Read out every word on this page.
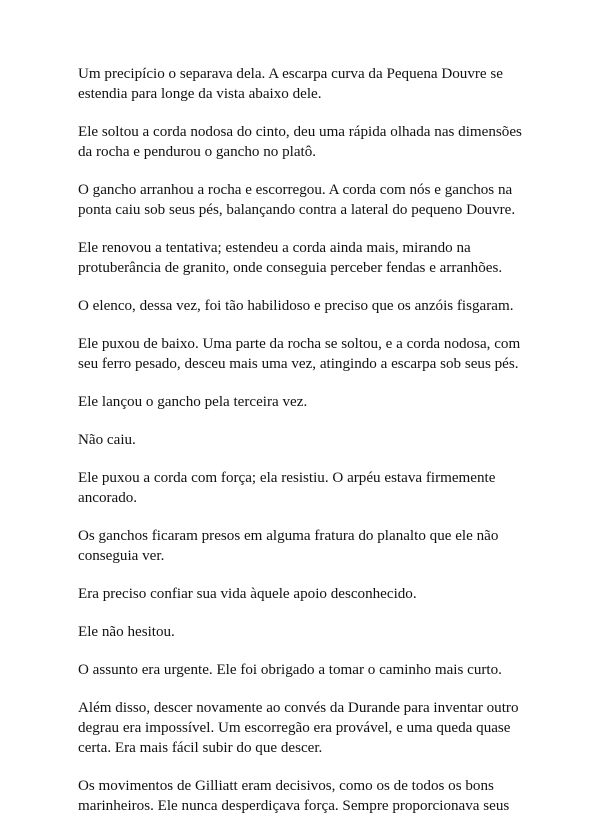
Um precipício o separava dela. A escarpa curva da Pequena Douvre se estendia para longe da vista abaixo dele.

Ele soltou a corda nodosa do cinto, deu uma rápida olhada nas dimensões da rocha e pendurou o gancho no platô.

O gancho arranhou a rocha e escorregou. A corda com nós e ganchos na ponta caiu sob seus pés, balançando contra a lateral do pequeno Douvre.

Ele renovou a tentativa; estendeu a corda ainda mais, mirando na protuberância de granito, onde conseguia perceber fendas e arranhões.

O elenco, dessa vez, foi tão habilidoso e preciso que os anzóis fisgaram.

Ele puxou de baixo. Uma parte da rocha se soltou, e a corda nodosa, com seu ferro pesado, desceu mais uma vez, atingindo a escarpa sob seus pés.

Ele lançou o gancho pela terceira vez.

Não caiu.

Ele puxou a corda com força; ela resistiu. O arpéu estava firmemente ancorado.

Os ganchos ficaram presos em alguma fratura do planalto que ele não conseguia ver.

Era preciso confiar sua vida àquele apoio desconhecido.

Ele não hesitou.

O assunto era urgente. Ele foi obrigado a tomar o caminho mais curto.

Além disso, descer novamente ao convés da Durande para inventar outro degrau era impossível. Um escorregão era provável, e uma queda quase certa. Era mais fácil subir do que descer.

Os movimentos de Gilliatt eram decisivos, como os de todos os bons marinheiros. Ele nunca desperdiçava força. Sempre proporcionava seus
